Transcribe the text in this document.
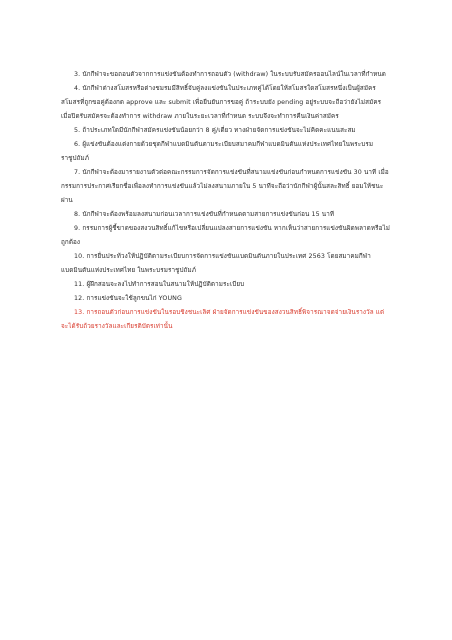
3. นักกีฬาจะขอถอนตัวจากการแข่งขันต้องทำการถอนตัว (withdraw) ในระบบรับสมัครออนไลน์ในเวลาที่กำหนด

4. นักกีฬาต่างสโมสรหรือต่างชมรมมีสิทธิ์จับคู่ลงแข่งขันในประเภทคู่ได้โดยให้สโมสรใดสโมสรหนึ่งเป็นผู้สมัคร สโมสรที่ถูกขอคู่ต้องกด approve และ submit เพื่อยืนยันการขอคู่ ถ้าระบบยัง pending อยู่ระบบจะถือว่ายังไม่สมัคร เมื่อปิดรับสมัครจะต้องทำการ withdraw ภายในระยะเวลาที่กำหนด ระบบจึงจะทำการคืนเงินค่าสมัคร

5. ถ้าประเภทใดมีนักกีฬาสมัครแข่งขันน้อยกว่า 8 คู่/เดี่ยว ทางฝ่ายจัดการแข่งขันจะไม่คิดคะแนนสะสม

6. ผู้แข่งขันต้องแต่งกายด้วยชุดกีฬาแบดมินตันตามระเบียบสมาคมกีฬาแบดมินตันแห่งประเทศไทยในพระบรมราชูปถัมภ์

7. นักกีฬาจะต้องมารายงานตัวต่อคณะกรรมการจัดการแข่งขันที่สนามแข่งขันก่อนกำหนดการแข่งขัน 30 นาที เมื่อกรรมการประกาศเรียกชื่อเพื่อลงทำการแข่งขันแล้วไม่ลงสนามภายใน 5 นาทีจะถือว่านักกีฬาผู้นั้นสละสิทธิ์ ยอมให้ชนะผ่าน

8. นักกีฬาจะต้องพร้อมลงสนามก่อนเวลาการแข่งขันที่กำหนดตามสายการแข่งขันก่อน 15 นาที

9. กรรมการผู้ชี้ขาดของสงวนสิทธิ์แก้ไขหรือเปลี่ยนแปลงสายการแข่งขัน หากเห็นว่าสายการแข่งขันผิดพลาดหรือไม่ถูกต้อง

10. การยื่นประท้วงให้ปฏิบัติตามระเบียบการจัดการแข่งขันแบดมินตันภายในประเทศ 2563 โดยสมาคมกีฬาแบดมินตันแห่งประเทศไทย ในพระบรมราชูปถัมภ์

11. ผู้ฝึกสอนจะลงไปทำการสอนในสนามให้ปฏิบัติตามระเบียบ

12. การแข่งขันจะใช้ลูกขนไก่ YOUNG

13. การถอนตัวก่อนการแข่งขันในรอบชิงชนะเลิศ ฝ่ายจัดการแข่งขันของสงวนสิทธิ์พิจารณาจดจ่ายเงินรางวัล แต่จะได้รับถ้วยรางวัลและเกียรติบัตรเท่านั้น
